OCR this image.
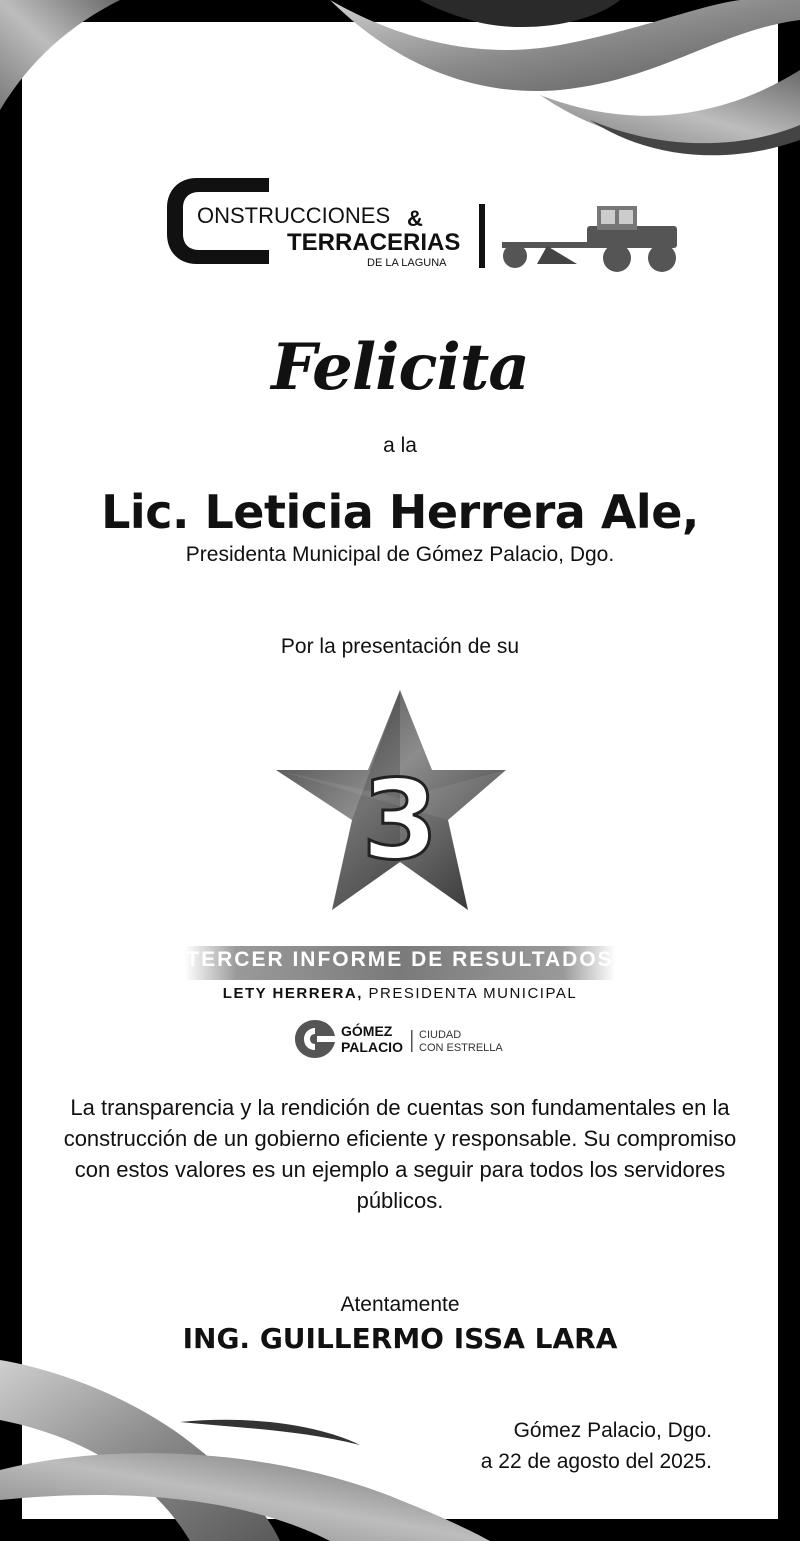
ONSTRUCCIONES &
TERRACERIAS
DE LA LAGUNA
Felicita
a la
Lic. Leticia Herrera Ale,
Presidenta Municipal de Gómez Palacio, Dgo.
Por la presentación de su
3
TERCER INFORME DE RESULTADOS
LETY HERRERA, PRESIDENTA MUNICIPAL
GÓMEZ
PALACIO
CIUDAD
CON ESTRELLA
La transparencia y la rendición de cuentas son fundamentales en la construcción de un gobierno eficiente y responsable. Su compromiso con estos valores es un ejemplo a seguir para todos los servidores públicos.
Atentamente
ING. GUILLERMO ISSA LARA
Gómez Palacio, Dgo.
a 22 de agosto del 2025.
